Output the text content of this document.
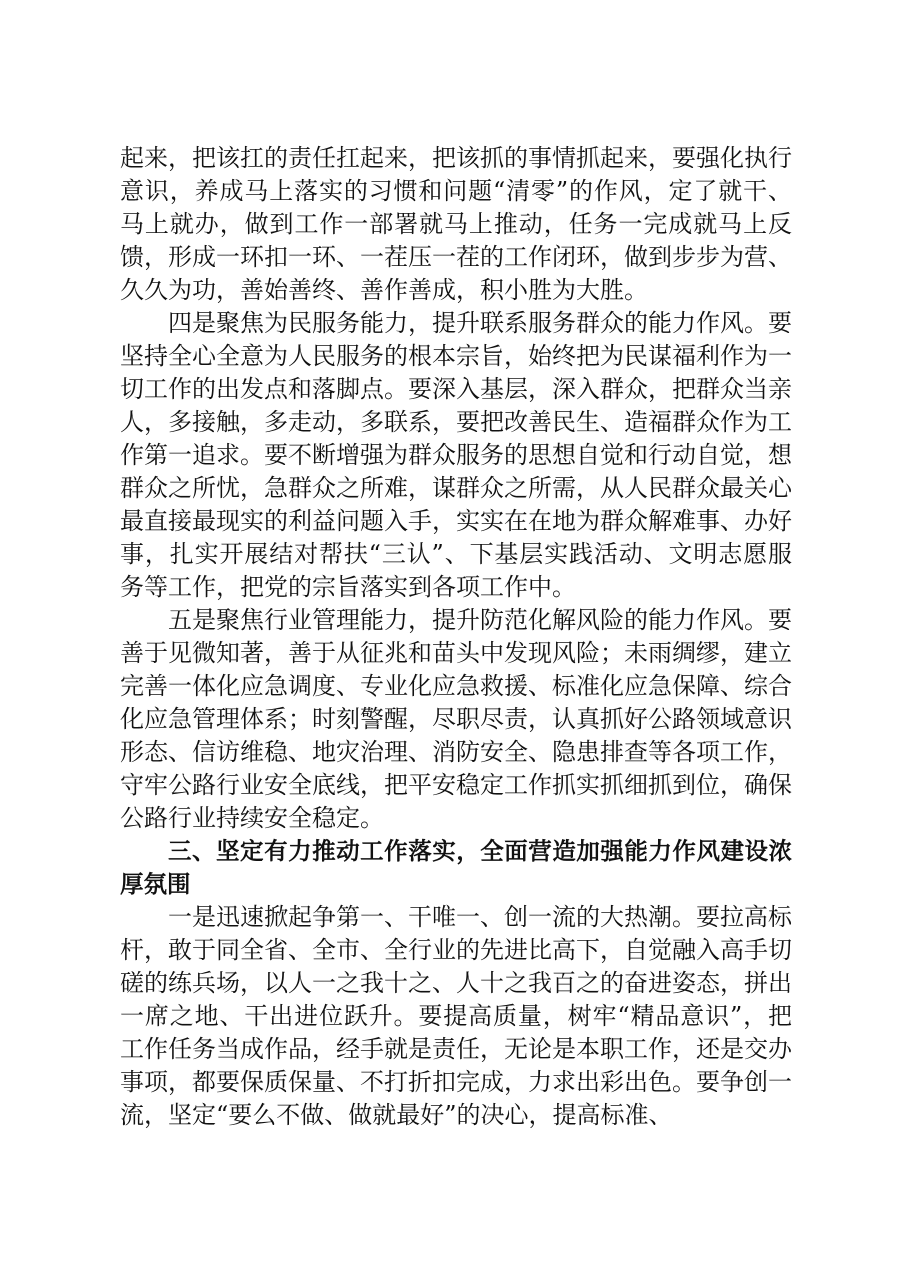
起来，把该扛的责任扛起来，把该抓的事情抓起来，要强化执行意识，养成马上落实的习惯和问题“清零”的作风，定了就干、马上就办，做到工作一部署就马上推动，任务一完成就马上反馈，形成一环扣一环、一茬压一茬的工作闭环，做到步步为营、久久为功，善始善终、善作善成，积小胜为大胜。

四是聚焦为民服务能力，提升联系服务群众的能力作风。要坚持全心全意为人民服务的根本宗旨，始终把为民谋福利作为一切工作的出发点和落脚点。要深入基层，深入群众，把群众当亲人，多接触，多走动，多联系，要把改善民生、造福群众作为工作第一追求。要不断增强为群众服务的思想自觉和行动自觉，想群众之所忧，急群众之所难，谋群众之所需，从人民群众最关心最直接最现实的利益问题入手，实实在在地为群众解难事、办好事，扎实开展结对帮扶“三认”、下基层实践活动、文明志愿服务等工作，把党的宗旨落实到各项工作中。

五是聚焦行业管理能力，提升防范化解风险的能力作风。要善于见微知著，善于从征兆和苗头中发现风险；未雨绸缪，建立完善一体化应急调度、专业化应急救援、标准化应急保障、综合化应急管理体系；时刻警醒，尽职尽责，认真抓好公路领域意识形态、信访维稳、地灾治理、消防安全、隐患排查等各项工作，守牢公路行业安全底线，把平安稳定工作抓实抓细抓到位，确保公路行业持续安全稳定。

三、坚定有力推动工作落实，全面营造加强能力作风建设浓厚氛围

一是迅速掀起争第一、干唯一、创一流的大热潮。要拉高标杆，敢于同全省、全市、全行业的先进比高下，自觉融入高手切磋的练兵场，以人一之我十之、人十之我百之的奋进姿态，拼出一席之地、干出进位跃升。要提高质量，树牢“精品意识”，把工作任务当成作品，经手就是责任，无论是本职工作，还是交办事项，都要保质保量、不打折扣完成，力求出彩出色。要争创一流，坚定“要么不做、做就最好”的决心，提高标准、
